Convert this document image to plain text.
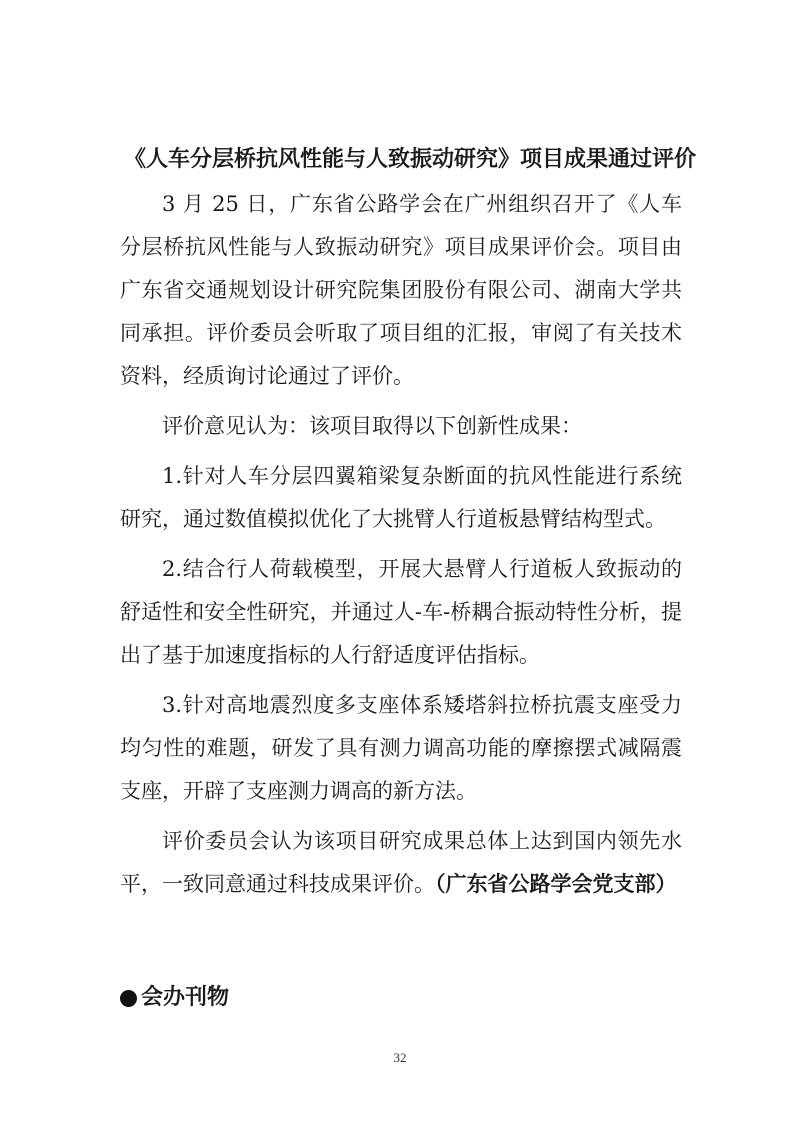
《人车分层桥抗风性能与人致振动研究》项目成果通过评价

3 月 25 日，广东省公路学会在广州组织召开了《人车分层桥抗风性能与人致振动研究》项目成果评价会。项目由广东省交通规划设计研究院集团股份有限公司、湖南大学共同承担。评价委员会听取了项目组的汇报，审阅了有关技术资料，经质询讨论通过了评价。

评价意见认为：该项目取得以下创新性成果：

1.针对人车分层四翼箱梁复杂断面的抗风性能进行系统研究，通过数值模拟优化了大挑臂人行道板悬臂结构型式。

2.结合行人荷载模型，开展大悬臂人行道板人致振动的舒适性和安全性研究，并通过人-车-桥耦合振动特性分析，提出了基于加速度指标的人行舒适度评估指标。

3.针对高地震烈度多支座体系矮塔斜拉桥抗震支座受力均匀性的难题，研发了具有测力调高功能的摩擦摆式减隔震支座，开辟了支座测力调高的新方法。

评价委员会认为该项目研究成果总体上达到国内领先水平，一致同意通过科技成果评价。（广东省公路学会党支部）

会办刊物
32
